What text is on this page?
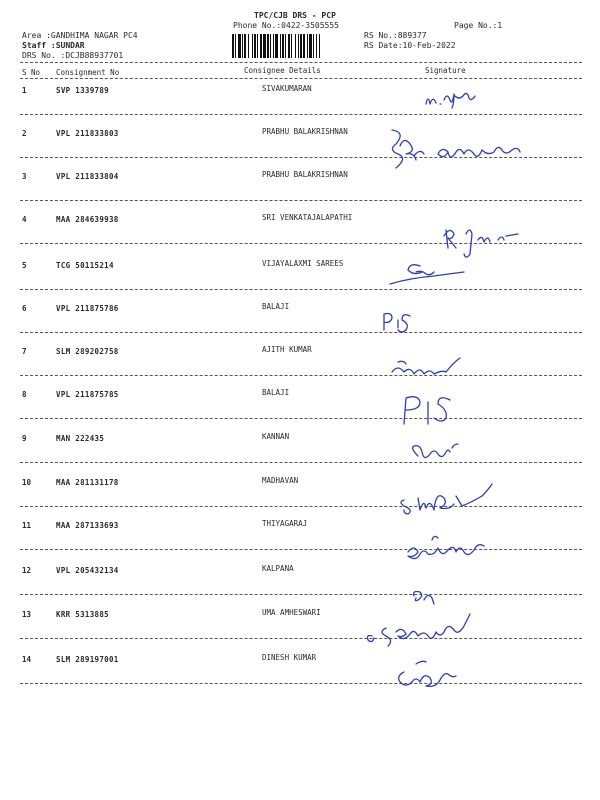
TPC/CJB DRS - PCP
Phone No.:0422-3505555
Area :GANDHIMA NAGAR PC4
Staff :SUNDAR
DRS No. :DCJB88937701
RS No.:889377
RS Date:10-Feb-2022
Page No.:1
S No Consignment No	Consignee Details	Signature
1	SVP 1339789	SIVAKUMARAN
2	VPL 211833803	PRABHU BALAKRISHNAN
3	VPL 211833804	PRABHU BALAKRISHNAN
4	MAA 284639938	SRI VENKATAJALAPATHI
5	TCG 50115214	VIJAYALAXMI SAREES
6	VPL 211875786	BALAJI
7	SLM 289202758	AJITH KUMAR
8	VPL 211875785	BALAJI
9	MAN 222435	KANNAN
10	MAA 281131178	MADHAVAN
11	MAA 287133693	THIYAGARAJ
12	VPL 205432134	KALPANA
13	KRR 5313885	UMA AMHESWARI
14	SLM 289197001	DINESH KUMAR
